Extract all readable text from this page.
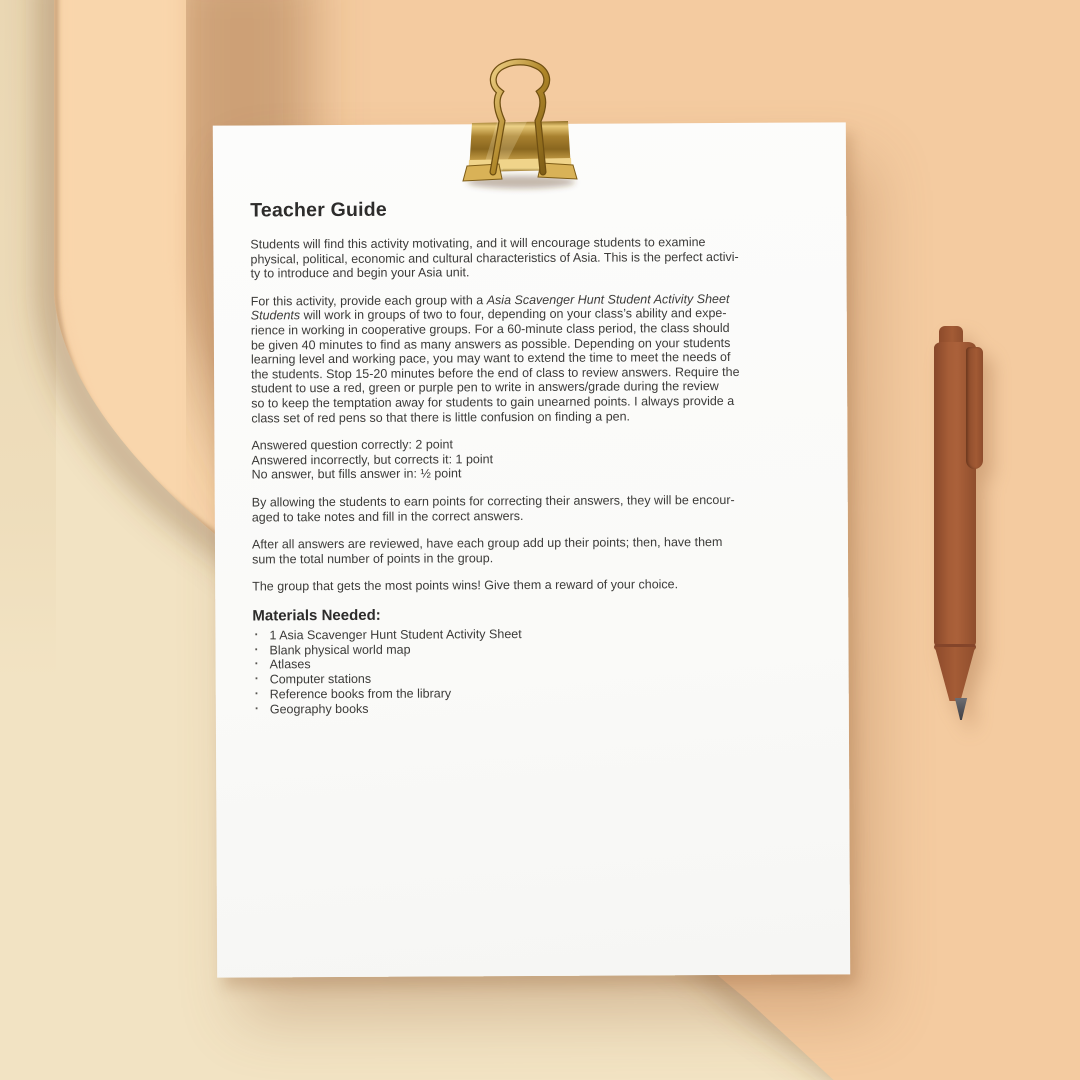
Teacher Guide
Students will find this activity motivating, and it will encourage students to examine
physical, political, economic and cultural characteristics of Asia. This is the perfect activi-
ty to introduce and begin your Asia unit.
For this activity, provide each group with a Asia Scavenger Hunt Student Activity Sheet
Students will work in groups of two to four, depending on your class’s ability and expe-
rience in working in cooperative groups. For a 60-minute class period, the class should
be given 40 minutes to find as many answers as possible. Depending on your students
learning level and working pace, you may want to extend the time to meet the needs of
the students. Stop 15-20 minutes before the end of class to review answers. Require the
student to use a red, green or purple pen to write in answers/grade during the review
so to keep the temptation away for students to gain unearned points. I always provide a
class set of red pens so that there is little confusion on finding a pen.
Answered question correctly: 2 point
Answered incorrectly, but corrects it: 1 point
No answer, but fills answer in: ½ point
By allowing the students to earn points for correcting their answers, they will be encour-
aged to take notes and fill in the correct answers.
After all answers are reviewed, have each group add up their points; then, have them
sum the total number of points in the group.
The group that gets the most points wins! Give them a reward of your choice.
Materials Needed:
· 1 Asia Scavenger Hunt Student Activity Sheet
· Blank physical world map
· Atlases
· Computer stations
· Reference books from the library
· Geography books
